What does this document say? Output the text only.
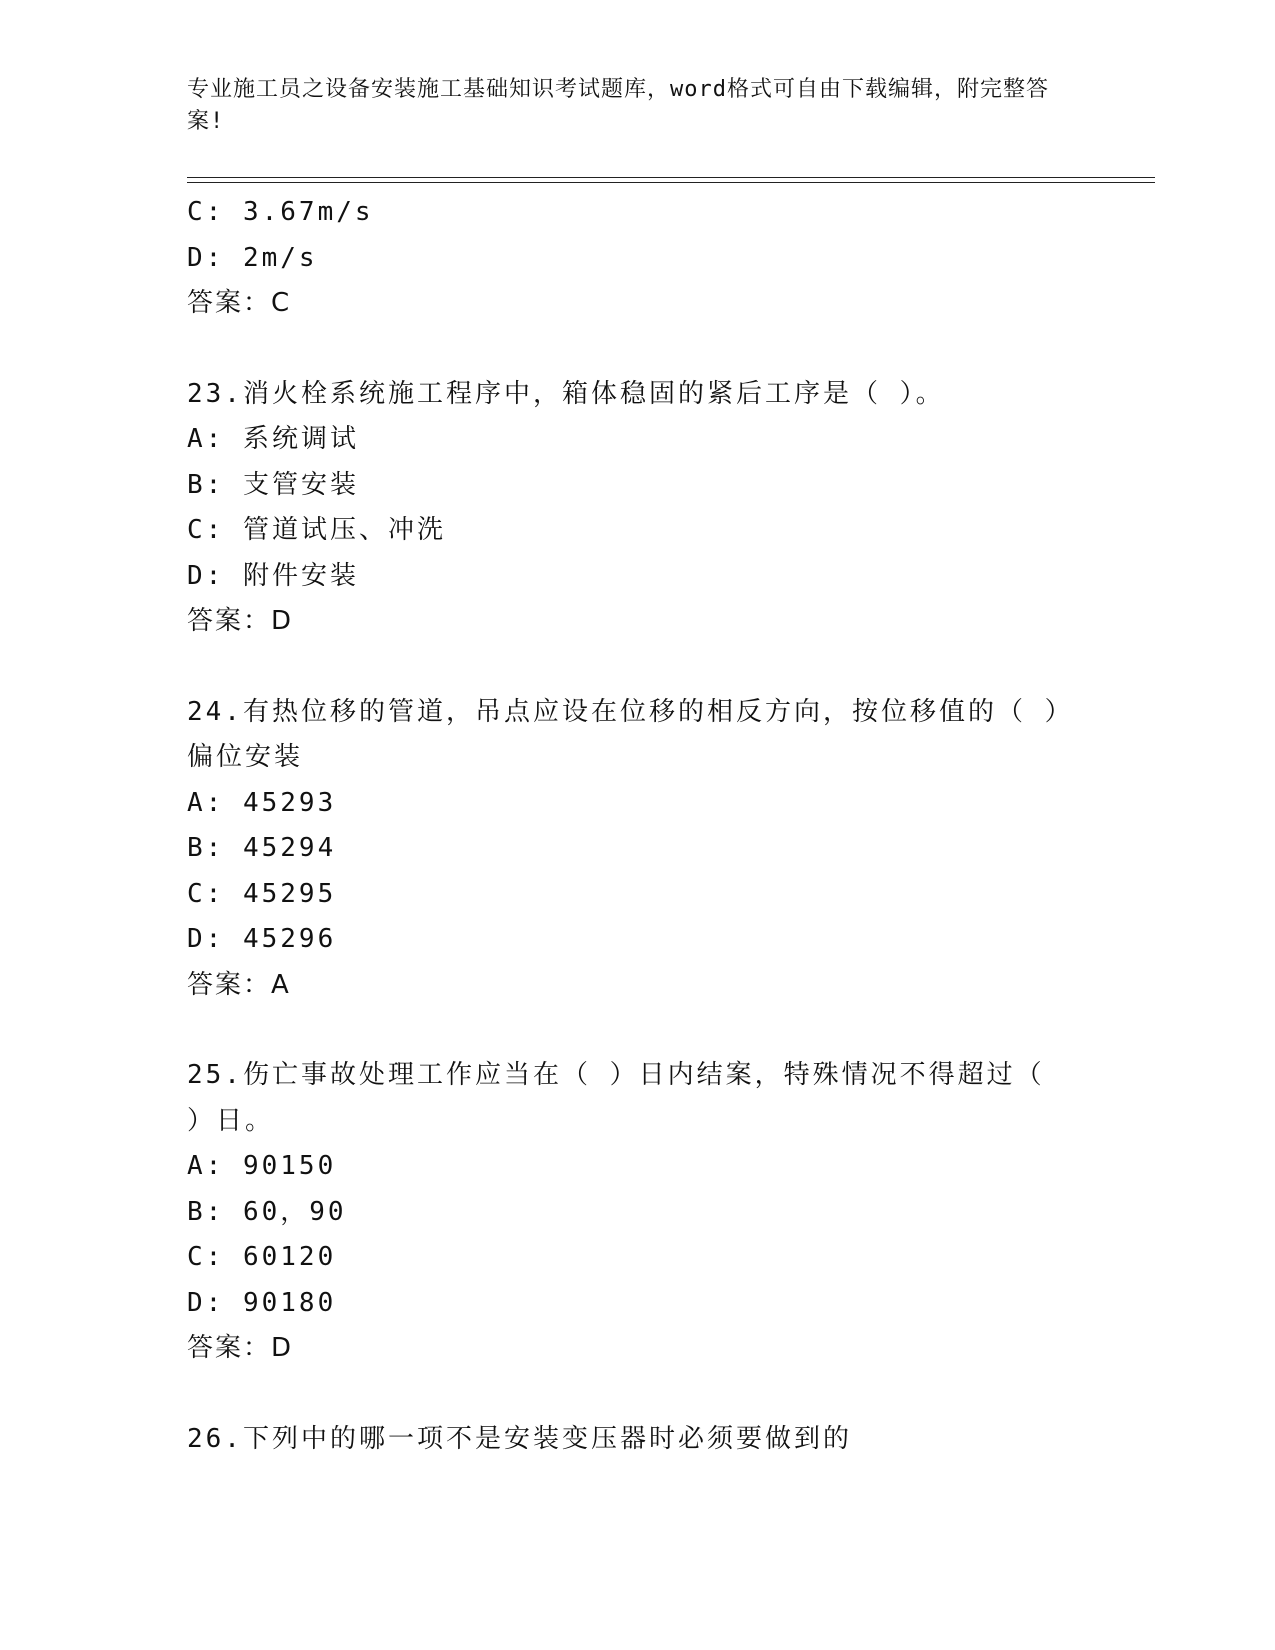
专业施工员之设备安装施工基础知识考试题库，word格式可自由下载编辑，附完整答案!

C: 3.67m/s
D: 2m/s
答案：C
23.消火栓系统施工程序中，箱体稳固的紧后工序是（ ）。
A: 系统调试
B: 支管安装
C: 管道试压、冲洗
D: 附件安装
答案：D
24.有热位移的管道，吊点应设在位移的相反方向，按位移值的（ ）偏位安装
A: 45293
B: 45294
C: 45295
D: 45296
答案：A
25.伤亡事故处理工作应当在（ ）日内结案，特殊情况不得超过（ ）日。
A: 90150
B: 60，90
C: 60120
D: 90180
答案：D
26.下列中的哪一项不是安装变压器时必须要做到的
